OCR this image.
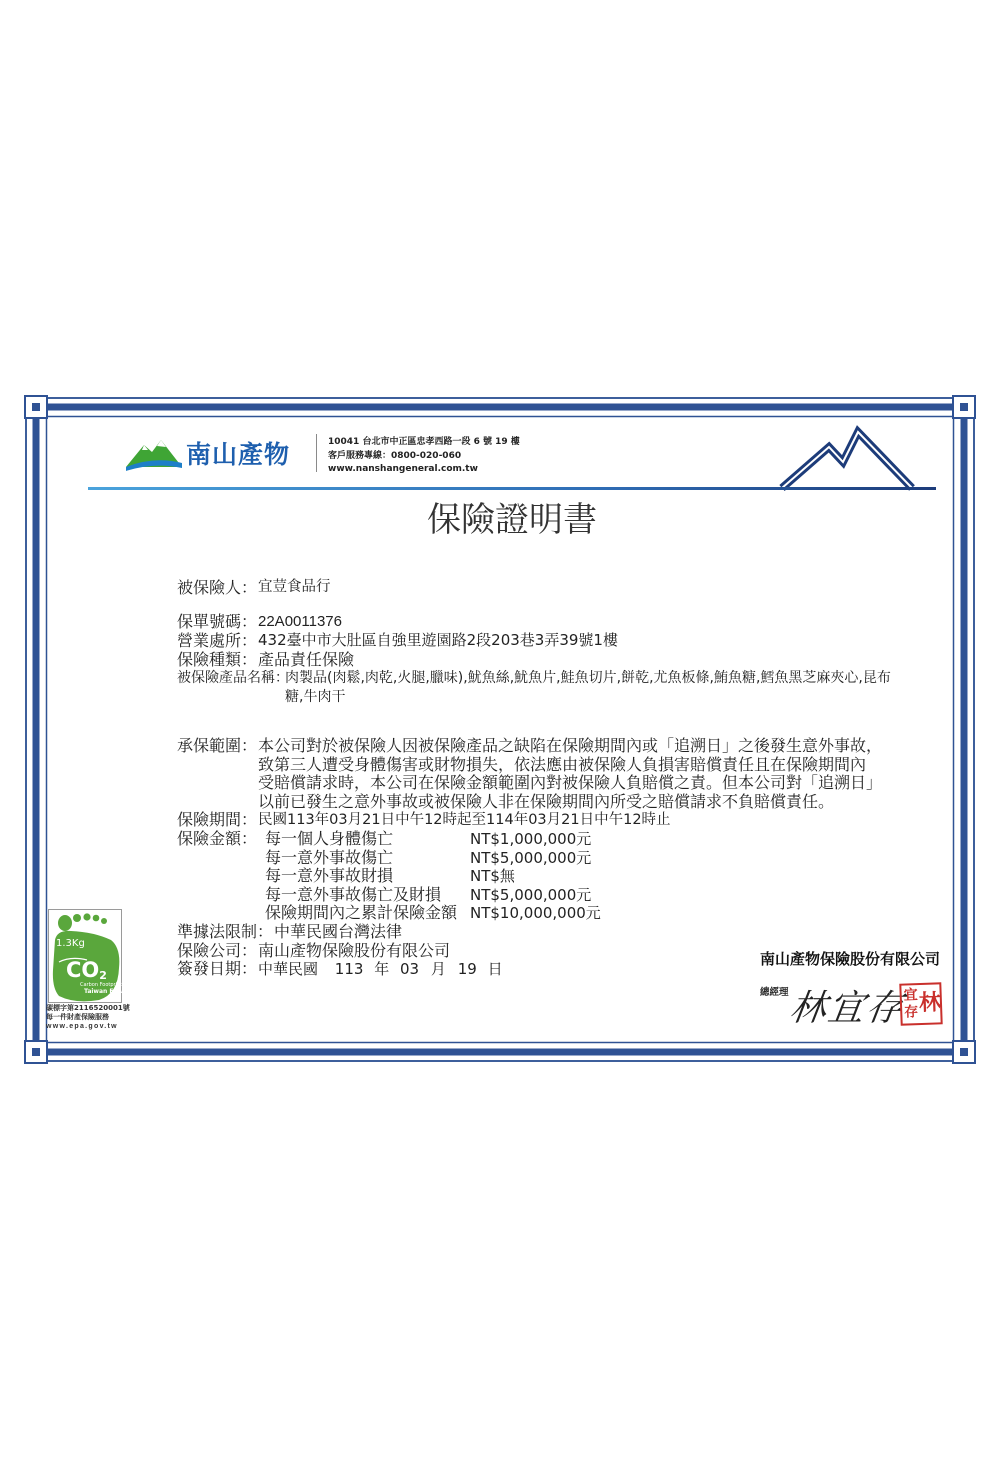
南山產物	10041 台北市中正區忠孝西路一段 6 號 19 樓
客戶服務專線：0800-020-060
www.nanshangeneral.com.tw
保險證明書
被保險人： 宜荳食品行
保單號碼： 22A0011376
營業處所： 432臺中市大肚區自強里遊園路2段203巷3弄39號1樓
保險種類： 產品責任保險
被保險產品名稱：
肉製品(肉鬆,肉乾,火腿,臘味),魷魚絲,魷魚片,鮭魚切片,餅乾,尤魚板條,鮪魚糖,鱈魚黑芝麻夾心,昆布
糖,牛肉干
承保範圍： 本公司對於被保險人因被保險產品之缺陷在保險期間內或「追溯日」之後發生意外事故，
致第三人遭受身體傷害或財物損失，依法應由被保險人負損害賠償責任且在保險期間內
受賠償請求時，本公司在保險金額範圍內對被保險人負賠償之責。但本公司對「追溯日」
以前已發生之意外事故或被保險人非在保險期間內所受之賠償請求不負賠償責任。
保險期間： 民國113年03月21日中午12時起至114年03月21日中午12時止
保險金額： 每一個人身體傷亡	NT$1,000,000元
每一意外事故傷亡	NT$5,000,000元
每一意外事故財損	NT$無
每一意外事故傷亡及財損	NT$5,000,000元
保險期間內之累計保險金額 NT$10,000,000元
準據法限制： 中華民國台灣法律
保險公司： 南山產物保險股份有限公司
簽發日期： 中華民國 113 年 03 月 19 日
1.3Kg
$CO_2$
Carbon Footprint
Taiwan EPA
碳標字第2116520001號
每一件財產保險服務
www.epa.gov.tw
南山產物保險股份有限公司
總經理
林宜存 林
宜
存
